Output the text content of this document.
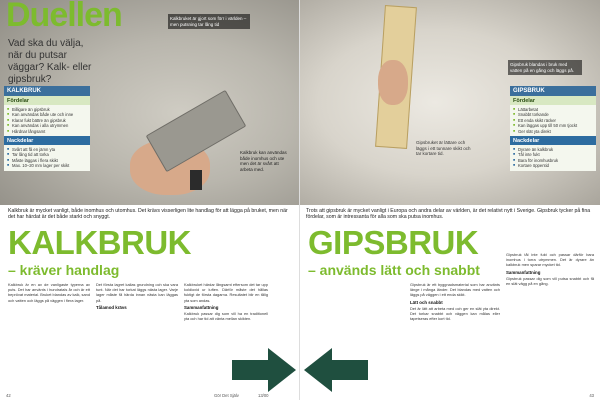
Duellen
Vad ska du välja, när du putsar väggar? Kalk- eller gipsbruk?
Kalkbruket är gjort som förr i världen – men putsning tar lång tid
Kalkbruk kan användas både inomhus och ute men det är svårt att arbeta med.
KALKBRUK
Fördelar
■ Billigare än gipsbruk
■ Kan användas både ute och inne
■ Klarar fukt bättre än gipsbruk
■ Kan användas i alla utrymmen
■ Hårdnar långsamt
Nackdelar
■ Svårt att få en jämn yta
■ Tar lång tid att torka
■ Måste läggas i flera skikt
■ Max. 10–20 mm lager per skikt
Kalkbruk är mycket vanligt, både inomhus och utomhus. Det krävs visserligen lite handlag för att lägga på bruket, men när det har härdat är det både starkt och snyggt.
KALKBRUK
– kräver handlag

Kalkbruk är en av de vanligaste typerna av puts. Det har använts i hundratals år och är ett beprövat material. Bruket blandas av kalk, sand och vatten och läggs på väggen i flera lager.

Det första lagret kallas grundning och ska vara tunt. När det har torkat läggs nästa lager. Varje lager måste få härda innan nästa kan läggas på.

Tålamod krävs

Kalkbruket härdar långsamt eftersom det tar upp koldioxid ur luften. Därför måste det hållas fuktigt de första dagarna. Resultatet blir en tålig yta som andas.

Sammanfattning

Kalkbruk passar dig som vill ha en traditionell yta och har tid att vänta mellan skikten.

42	Gör Det Själv	13/00
Gipsbruket är lättare och läggs i ett tunnare skikt och tar kortare tid.
Gipsbruk blandas i bruk med vatten på en gång och läggs på.
GIPSBRUK
Fördelar
■ Lättarbetat
■ Snabbt torkande
■ Ett enda skikt räcker
■ Kan läggas upp till 50 mm tjockt
■ Ger slät yta direkt
Nackdelar
■ Dyrare än kalkbruk
■ Tål inte fukt
■ Bara för inomhusbruk
■ Kortare öppentid
Trots att gipsbruk är mycket vanligt i Europa och andra delar av världen, är det relativt nytt i Sverige. Gipsbruk tycker på fina fördelar, som är intressanta för alla som ska putsa inomhus.
GIPSBRUK
– används lätt och snabbt

Gipsbruk är ett byggnadsmaterial som har använts länge i många länder. Det blandas med vatten och läggs på väggen i ett enda skikt.

Lätt och snabbt

Det är lätt att arbeta med och ger en slät yta direkt. Det torkar snabbt och väggen kan målas eller tapetseras efter kort tid.

Gipsbruk tål inte fukt och passar därför bara inomhus i torra utrymmen. Det är dyrare än kalkbruk men sparar mycket tid.

Sammanfattning

Gipsbruk passar dig som vill putsa snabbt och få en slät vägg på en gång.

43
